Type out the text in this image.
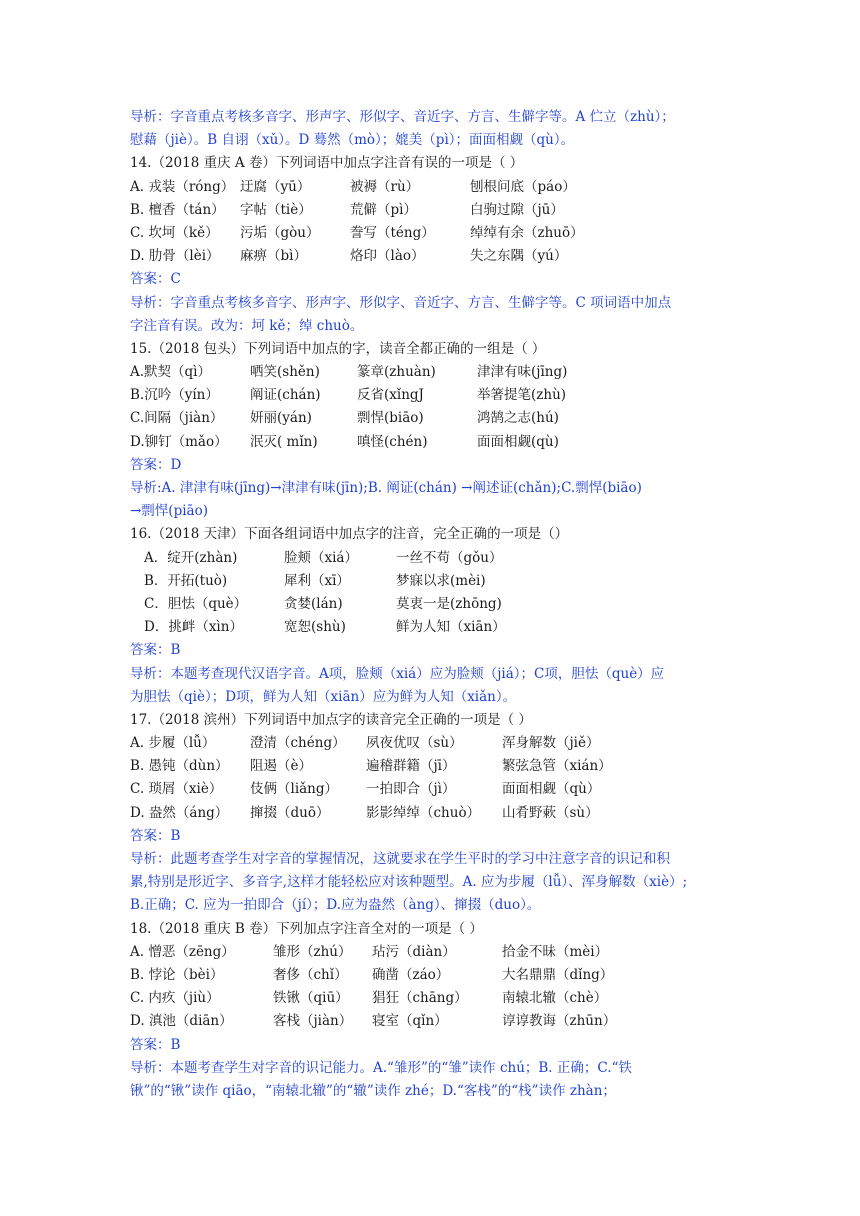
导析：字音重点考核多音字、形声字、形似字、音近字、方言、生僻字等。A 伫立（zhù）；
慰藉（jiè）。B 自诩（xǔ）。D 蓦然（mò）；媲美（pì）；面面相觑（qù）。
14.（2018 重庆 A 卷）下列词语中加点字注音有误的一项是（ ）
A. 戎装（róng） 迂腐（yū）	被褥（rù）	刨根问底（páo）
B. 檀香（tán） 字帖（tiè）	荒僻（pì）	白驹过隙（jū）
C. 坎坷（kě） 污垢（gòu） 誊写（téng）	绰绰有余（zhuō）
D. 肋骨（lèi） 麻痹（bì）	烙印（lào）	失之东隅（yú）
答案：C
导析：字音重点考核多音字、形声字、形似字、音近字、方言、生僻字等。C 项词语中加点
字注音有误。改为：坷 kě；绰 chuò。
15.（2018 包头）下列词语中加点的字，读音全都正确的一组是（ ）
A.默契（qì）	哂笑(shěn)	篆章(zhuàn)	津津有味(jīng)
B.沉吟（yín） 阐证(chán)	反省(xǐngJ	举箸提笔(zhù)
C.间隔（jiàn） 妍丽(yán)	剽悍(biāo)	鸿鹄之志(hú)
D.铆钉（mǎo） 泯灭( mǐn)	嗔怪(chén)	面面相觑(qù)
答案：D
导析:A. 津津有味(jīng)→津津有味(jīn);B. 阐证(chán) →阐述证(chǎn);C.剽悍(biāo)
→剽悍(piāo)
16.（2018 天津）下面各组词语中加点字的注音，完全正确的一项是（）
A．绽开(zhàn)	脸颊（xiá）	一丝不苟（gǒu）
B．开拓(tuò)	犀利（xī）	梦寐以求(mèi)
C．胆怯（què）	贪婪(lán)	莫衷一是(zhōng)
D．挑衅（xìn）	宽恕(shù)	鲜为人知（xiān）
答案：B
导析：本题考查现代汉语字音。A项，脸颊（xiá）应为脸颊（jiá）；C项，胆怯（què）应
为胆怯（qiè）；D项，鲜为人知（xiān）应为鲜为人知（xiǎn）。
17.（2018 滨州）下列词语中加点字的读音完全正确的一项是（ ）
A. 步履（lǚ）	澄清（chéng） 夙夜优叹（sù）	浑身解数（jiě）
B. 愚钝（dùn） 阻遏（è）	遍稽群籍（jī）	繁弦急管（xián）
C. 琐屑（xiè） 伎俩（liǎng） 一拍即合（jì）	面面相觑（qù）
D. 盎然（áng） 撺掇（duō）	影影绰绰（chuò） 山肴野蔌（sù）
答案：B
导析：此题考查学生对字音的掌握情况，这就要求在学生平时的学习中注意字音的识记和积
累,特别是形近字、多音字,这样才能轻松应对该种题型。A. 应为步履（lǚ）、浑身解数（xiè）;
B.正确；C. 应为一拍即合（jí）；D.应为盎然（àng）、撺掇（duo）。
18.（2018 重庆 B 卷）下列加点字注音全对的一项是（ ）
A. 憎恶（zēng）	雏形（zhú） 玷污（diàn）	拾金不昧（mèi）
B. 悖论（bèi）	奢侈（chǐ） 确凿（záo）	大名鼎鼎（dǐng）
C. 内疚（jiù）	铁锹（qiū） 猖狂（chāng）	南辕北辙（chè）
D. 滇池（diān）	客栈（jiàn） 寝室（qǐn）	谆谆教诲（zhūn）
答案：B
导析：本题考查学生对字音的识记能力。A.“雏形”的“雏”读作 chú；B. 正确；C.“铁
锹”的“锹”读作 qiāo，“南辕北辙”的“辙”读作 zhé；D.“客栈”的“栈”读作 zhàn；
